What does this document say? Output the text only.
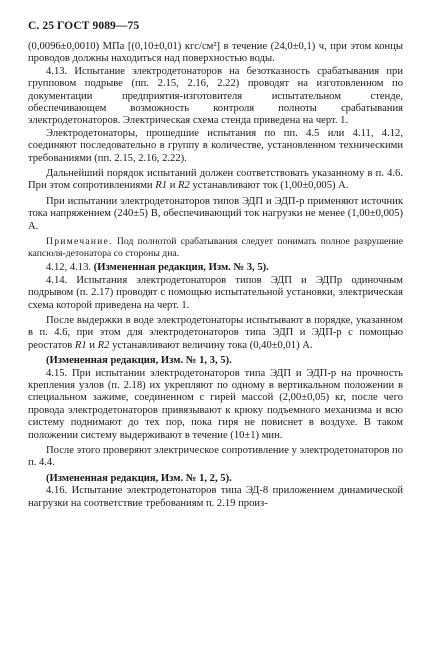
С. 25 ГОСТ 9089—75

(0,0096±0,0010) МПа [(0,10±0,01) кгс/см²] в течение (24,0±0,1) ч, при этом концы проводов должны находиться над поверхностью воды.

4.13. Испытание электродетонаторов на безотказность срабатывания при групповом подрыве (пп. 2.15, 2.16, 2.22) проводят на изготовленном по документации предприятия-изготовителя испытательном стенде, обеспечивающем возможность контроля полноты срабатывания электродетонаторов. Электрическая схема стенда приведена на черт. 1.

Электродетонаторы, прошедшие испытания по пп. 4.5 или 4.11, 4.12, соединяют последовательно в группу в количестве, установленном техническими требованиями (пп. 2.15, 2.16, 2.22).

Дальнейший порядок испытаний должен соответствовать указанному в п. 4.6. При этом сопротивлениями R1 и R2 устанавливают ток (1,00±0,005) А.

При испытании электродетонаторов типов ЭДП и ЭДП-р применяют источник тока напряжением (240±5) В, обеспечивающий ток нагрузки не менее (1,00±0,005) А.

Примечание. Под полнотой срабатывания следует понимать полное разрушение капсюля-детонатора со стороны дна.

4.12, 4.13. (Измененная редакция, Изм. № 3, 5).

4.14. Испытания электродетонаторов типов ЭДП и ЭДПр одиночным подрывом (п. 2.17) проводят с помощью испытательной установки, электрическая схема которой приведена на черт. 1.

После выдержки в воде электродетонаторы испытывают в порядке, указанном в п. 4.6, при этом для электродетонаторов типа ЭДП и ЭДП-р с помощью реостатов R1 и R2 устанавливают величину тока (0,40±0,01) А.

(Измененная редакция, Изм. № 1, 3, 5).

4.15. При испытании электродетонаторов типа ЭДП и ЭДП-р на прочность крепления узлов (п. 2.18) их укрепляют по одному в вертикальном положении в специальном зажиме, соединенном с гирей массой (2,00±0,05) кг, после чего провода электродетонаторов привязывают к крюку подъемного механизма и всю систему поднимают до тех пор, пока гиря не повиснет в воздухе. В таком положении систему выдерживают в течение (10±1) мин.

После этого проверяют электрическое сопротивление у электродетонаторов по п. 4.4.

(Измененная редакция, Изм. № 1, 2, 5).

4.16. Испытание электродетонаторов типа ЭД-8 приложением динамической нагрузки на соответствие требованиям п. 2.19 произ-
